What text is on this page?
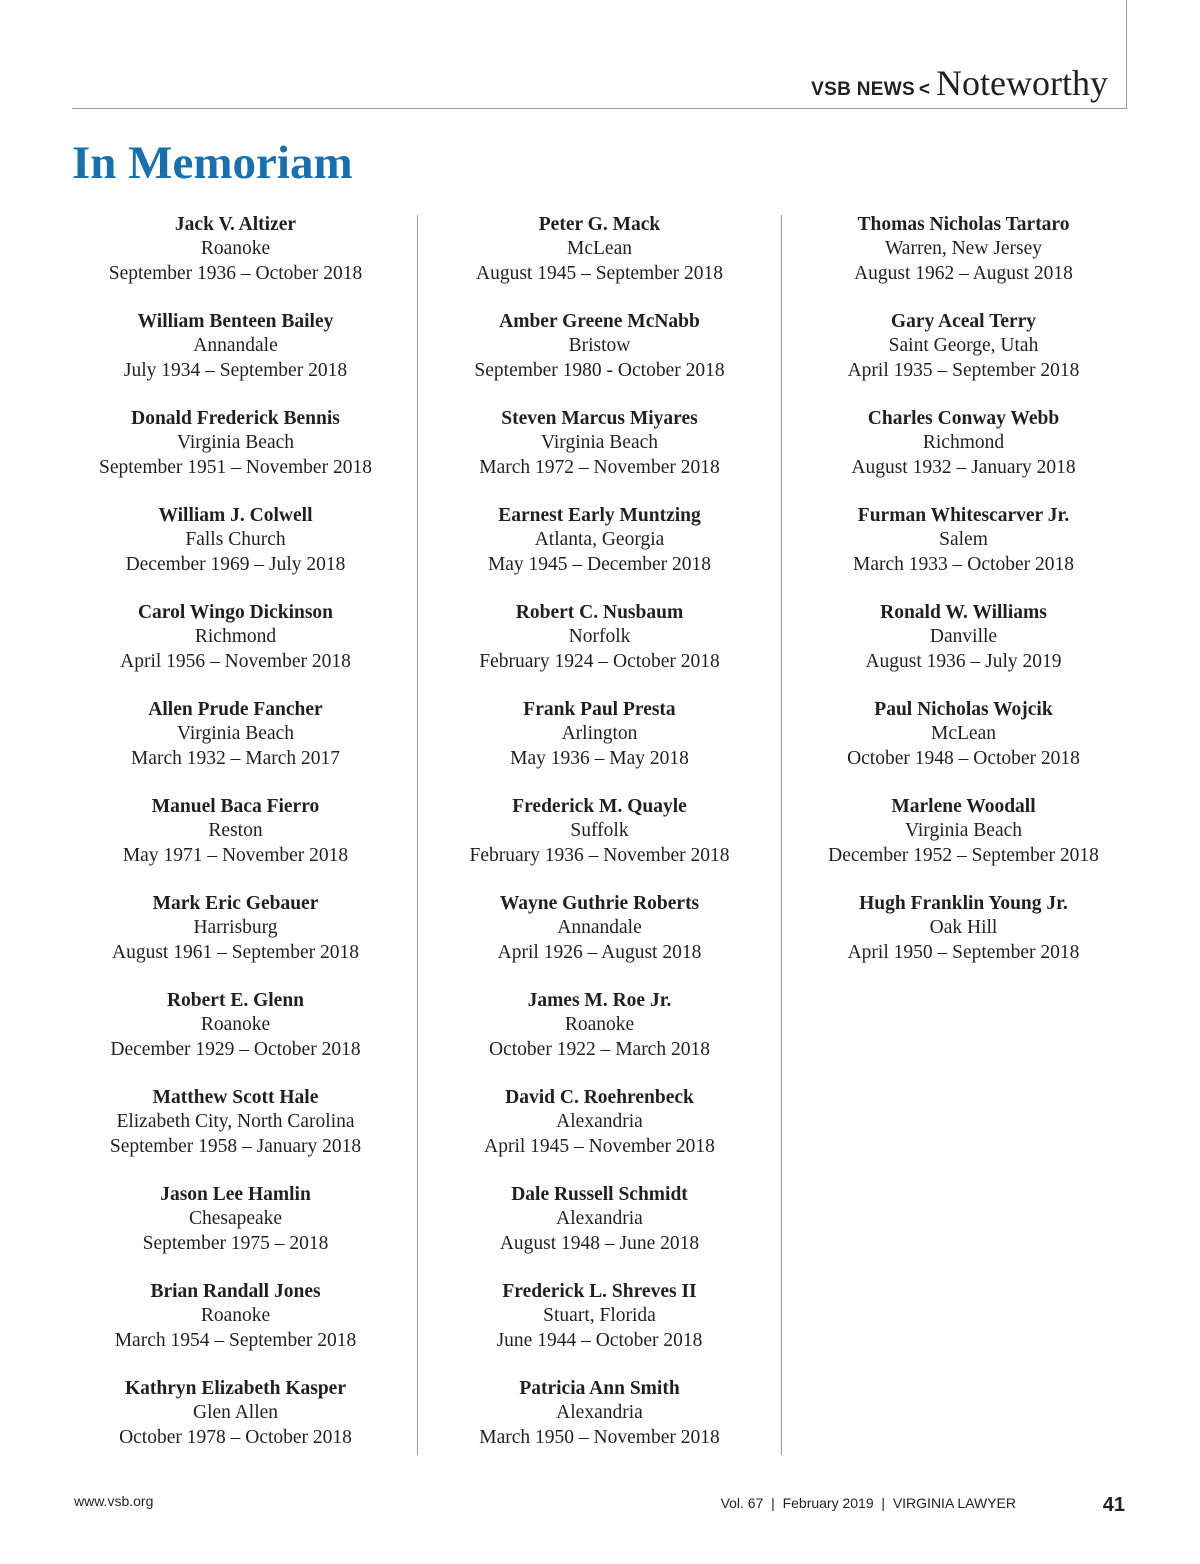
VSB NEWS < Noteworthy
In Memoriam
Jack V. Altizer
Roanoke
September 1936 – October 2018
William Benteen Bailey
Annandale
July 1934 – September 2018
Donald Frederick Bennis
Virginia Beach
September 1951 – November 2018
William J. Colwell
Falls Church
December 1969 – July 2018
Carol Wingo Dickinson
Richmond
April 1956 – November 2018
Allen Prude Fancher
Virginia Beach
March 1932 – March 2017
Manuel Baca Fierro
Reston
May 1971 – November 2018
Mark Eric Gebauer
Harrisburg
August 1961 – September 2018
Robert E. Glenn
Roanoke
December 1929 – October 2018
Matthew Scott Hale
Elizabeth City, North Carolina
September 1958 – January 2018
Jason Lee Hamlin
Chesapeake
September 1975 – 2018
Brian Randall Jones
Roanoke
March 1954 – September 2018
Kathryn Elizabeth Kasper
Glen Allen
October 1978 – October 2018
Peter G. Mack
McLean
August 1945 – September 2018
Amber Greene McNabb
Bristow
September 1980 - October 2018
Steven Marcus Miyares
Virginia Beach
March 1972 – November 2018
Earnest Early Muntzing
Atlanta, Georgia
May 1945 – December 2018
Robert C. Nusbaum
Norfolk
February 1924 – October 2018
Frank Paul Presta
Arlington
May 1936 – May 2018
Frederick M. Quayle
Suffolk
February 1936 – November 2018
Wayne Guthrie Roberts
Annandale
April 1926 – August 2018
James M. Roe Jr.
Roanoke
October 1922 – March 2018
David C. Roehrenbeck
Alexandria
April 1945 – November 2018
Dale Russell Schmidt
Alexandria
August 1948 – June 2018
Frederick L. Shreves II
Stuart, Florida
June 1944 – October 2018
Patricia Ann Smith
Alexandria
March 1950 – November 2018
Thomas Nicholas Tartaro
Warren, New Jersey
August 1962 – August 2018
Gary Aceal Terry
Saint George, Utah
April 1935 – September 2018
Charles Conway Webb
Richmond
August 1932 – January 2018
Furman Whitescarver Jr.
Salem
March 1933 – October 2018
Ronald W. Williams
Danville
August 1936 – July 2019
Paul Nicholas Wojcik
McLean
October 1948 – October 2018
Marlene Woodall
Virginia Beach
December 1952 – September 2018
Hugh Franklin Young Jr.
Oak Hill
April 1950 – September 2018
www.vsb.org	Vol. 67  |  February 2019  |  VIRGINIA LAWYER	41
